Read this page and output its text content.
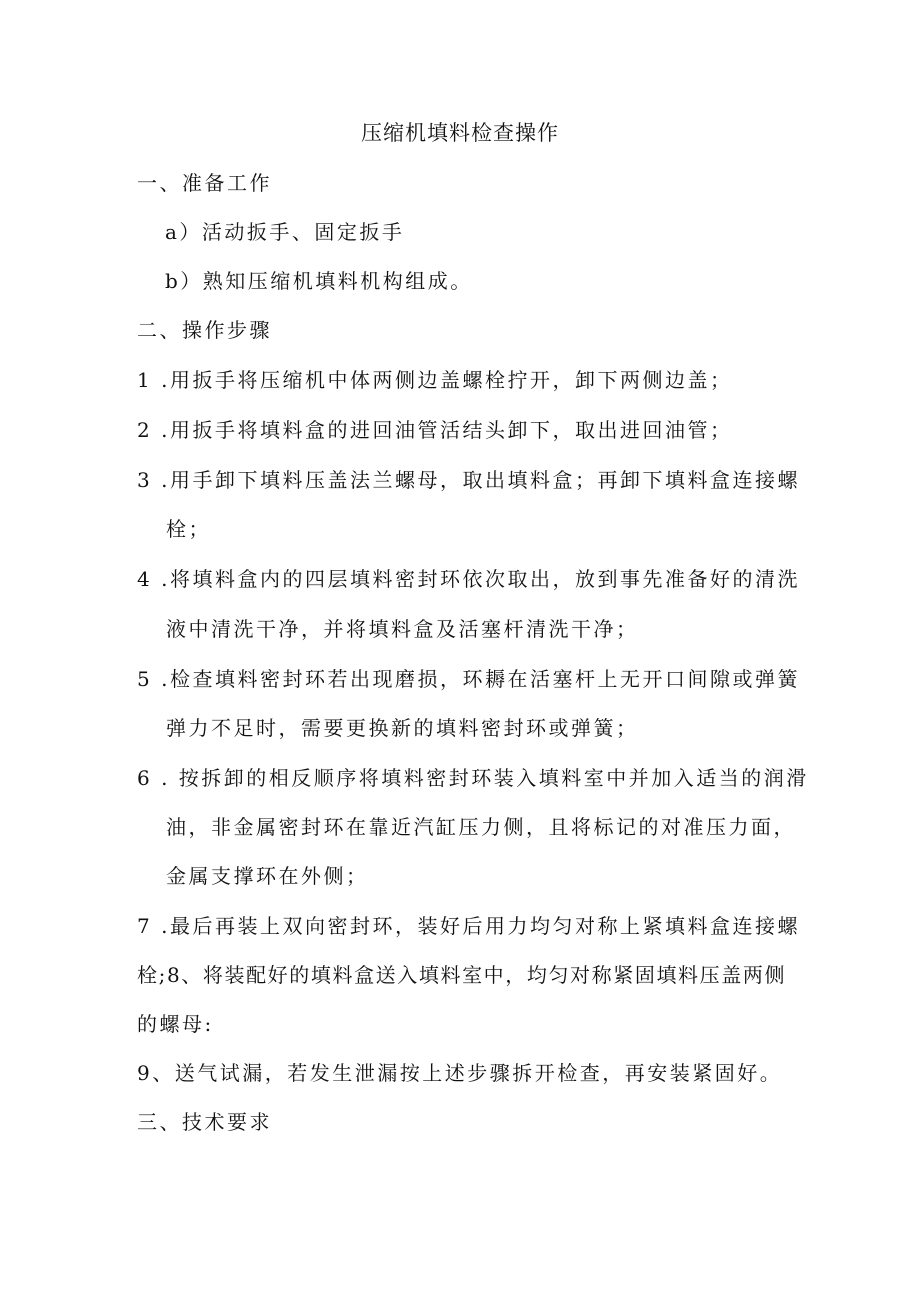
压缩机填料检查操作
一、准备工作
a）活动扳手、固定扳手
b）熟知压缩机填料机构组成。
二、操作步骤
1 .用扳手将压缩机中体两侧边盖螺栓拧开，卸下两侧边盖；
2 .用扳手将填料盒的进回油管活结头卸下，取出进回油管；
3 .用手卸下填料压盖法兰螺母，取出填料盒；再卸下填料盒连接螺
栓；
4 .将填料盒内的四层填料密封环依次取出，放到事先准备好的清洗
液中清洗干净，并将填料盒及活塞杆清洗干净；
5 .检查填料密封环若出现磨损，环耨在活塞杆上无开口间隙或弹簧
弹力不足时，需要更换新的填料密封环或弹簧；
6 . 按拆卸的相反顺序将填料密封环装入填料室中并加入适当的润滑
油，非金属密封环在靠近汽缸压力侧，且将标记的对准压力面，
金属支撑环在外侧；
7 .最后再装上双向密封环，装好后用力均匀对称上紧填料盒连接螺
栓;8、将装配好的填料盒送入填料室中，均匀对称紧固填料压盖两侧
的螺母:
9、送气试漏，若发生泄漏按上述步骤拆开检查，再安装紧固好。
三、技术要求
